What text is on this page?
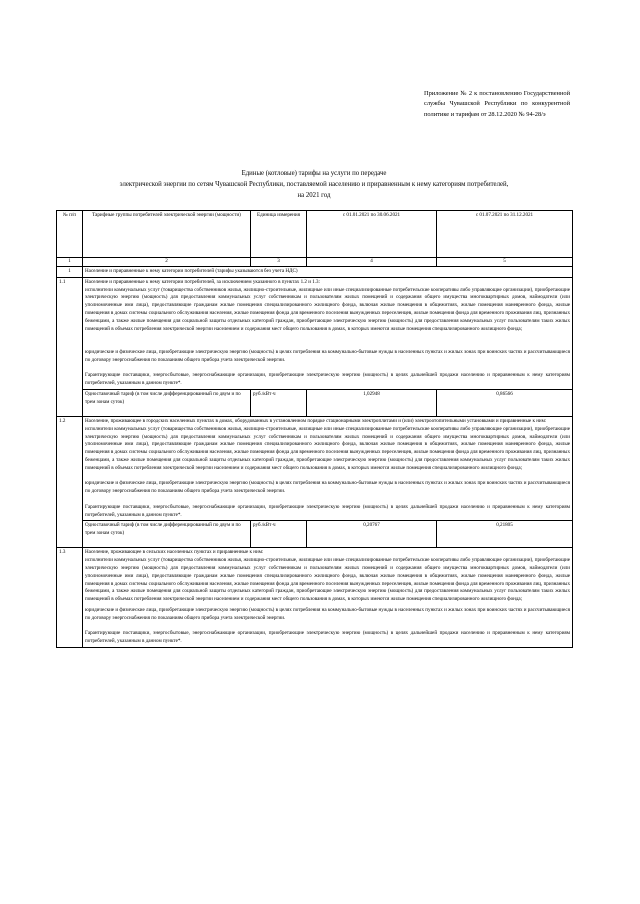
Приложение № 2 к постановлению Государственной службы Чувашской Республики по конкурентной политике и тарифам от 28.12.2020 № 94-28/э
Единые (котловые) тарифы на услуги по передаче
электрической энергии по сетям Чувашской Республики, поставляемой населению и приравненным к нему категориям потребителей,
на 2021 год
№ п/п	Тарифные группы потребителей электрической энергии (мощности)	Единица измерения	с 01.01.2021 по 30.06.2021	с 01.07.2021 по 31.12.2021
1	2	3	4	5
1	Население и приравненные к нему категории потребителей (тарифы указываются без учета НДС)			
1.1	Население и приравненные к нему категории потребителей, за исключением указанного в пунктах 1.2 и 1.3:

исполнители коммунальных услуг (товарищества собственников жилья, жилищно-строительные, жилищные или иные специализированные потребительские кооперативы либо управляющие организации), приобретающие электрическую энергию (мощность) для предоставления коммунальных услуг собственникам и пользователям жилых помещений и содержания общего имущества многоквартирных домов, наймодатели (или уполномоченные ими лица), предоставляющие гражданам жилые помещения специализированного жилищного фонда, включая жилые помещения в общежитиях, жилые помещения маневренного фонда, жилые помещения в домах системы социального обслуживания населения, жилые помещения фонда для временного поселения вынужденных переселенцев, жилые помещения фонда для временного проживания лиц, признанных беженцами, а также жилые помещения для социальной защиты отдельных категорий граждан, приобретающие электрическую энергию (мощность) для предоставления коммунальных услуг пользователям таких жилых помещений в объемах потребления электрической энергии населением и содержания мест общего пользования в домах, в которых имеются жилые помещения специализированного жилищного фонда;

юридические и физические лица, приобретающие электрическую энергию (мощность) в целях потребления на коммунально-бытовые нужды в населенных пунктах и жилых зонах при воинских частях и рассчитывающиеся по договору энергоснабжения по показаниям общего прибора учета электрической энергии.

Гарантирующие поставщики, энергосбытовые, энергоснабжающие организации, приобретающие электрическую энергию (мощность) в целях дальнейшей продажи населению и приравненным к нему категориям потребителей, указанным в данном пункте*.			

	Одноставочный тариф (в том числе дифференцированный по двум и по трем зонам суток)	руб./кВт·ч	1,02948	0,86566
1.2	Население, проживающее в городских населенных пунктах в домах, оборудованных в установленном порядке стационарными электроплитами и (или) электроотопительными установками и приравненные к ним:

исполнители коммунальных услуг (товарищества собственников жилья, жилищно-строительные, жилищные или иные специализированные потребительские кооперативы либо управляющие организации), приобретающие электрическую энергию (мощность) для предоставления коммунальных услуг собственникам и пользователям жилых помещений и содержания общего имущества многоквартирных домов, наймодатели (или уполномоченные ими лица), предоставляющие гражданам жилые помещения специализированного жилищного фонда, включая жилые помещения в общежитиях, жилые помещения маневренного фонда, жилые помещения в домах системы социального обслуживания населения, жилые помещения фонда для временного поселения вынужденных переселенцев, жилые помещения фонда для временного проживания лиц, признанных беженцами, а также жилые помещения для социальной защиты отдельных категорий граждан, приобретающие электрическую энергию (мощность) для предоставления коммунальных услуг пользователям таких жилых помещений в объемах потребления электрической энергии населением и содержания мест общего пользования в домах, в которых имеются жилые помещения специализированного жилищного фонда;

юридические и физические лица, приобретающие электрическую энергию (мощность) в целях потребления на коммунально-бытовые нужды в населенных пунктах и жилых зонах при воинских частях и рассчитывающиеся по договору энергоснабжения по показаниям общего прибора учета электрической энергии.

Гарантирующие поставщики, энергосбытовые, энергоснабжающие организации, приобретающие электрическую энергию (мощность) в целях дальнейшей продажи населению и приравненным к нему категориям потребителей, указанным в данном пункте*.			

	Одноставочный тариф (в том числе дифференцированный по двум и по трем зонам суток)	руб./кВт·ч	0,20767	0,21805
1.3	Население, проживающее в сельских населенных пунктах и приравненные к ним:

исполнители коммунальных услуг (товарищества собственников жилья, жилищно-строительные, жилищные или иные специализированные потребительские кооперативы либо управляющие организации), приобретающие электрическую энергию (мощность) для предоставления коммунальных услуг собственникам и пользователям жилых помещений и содержания общего имущества многоквартирных домов, наймодатели (или уполномоченные ими лица), предоставляющие гражданам жилые помещения специализированного жилищного фонда, включая жилые помещения в общежитиях, жилые помещения маневренного фонда, жилые помещения в домах системы социального обслуживания населения, жилые помещения фонда для временного поселения вынужденных переселенцев, жилые помещения фонда для временного проживания лиц, признанных беженцами, а также жилые помещения для социальной защиты отдельных категорий граждан, приобретающие электрическую энергию (мощность) для предоставления коммунальных услуг пользователям таких жилых помещений в объемах потребления электрической энергии населением и содержания мест общего пользования в домах, в которых имеются жилые помещения специализированного жилищного фонда;

юридические и физические лица, приобретающие электрическую энергию (мощность) в целях потребления на коммунально-бытовые нужды в населенных пунктах и жилых зонах при воинских частях и рассчитывающиеся по договору энергоснабжения по показаниям общего прибора учета электрической энергии.

Гарантирующие поставщики, энергосбытовые, энергоснабжающие организации, приобретающие электрическую энергию (мощность) в целях дальнейшей продажи населению и приравненным к нему категориям потребителей, указанным в данном пункте*.			
